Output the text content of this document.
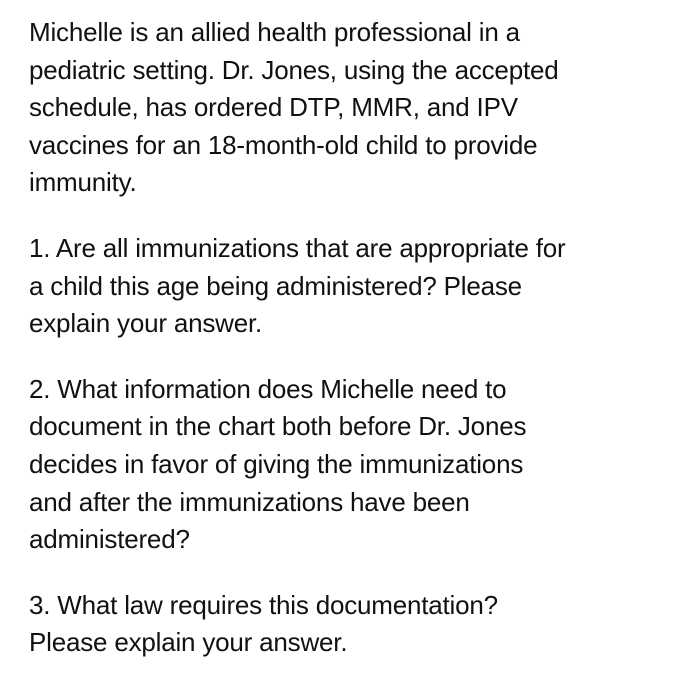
Michelle is an allied health professional in a
pediatric setting. Dr. Jones, using the accepted
schedule, has ordered DTP, MMR, and IPV
vaccines for an 18-month-old child to provide
immunity.

1. Are all immunizations that are appropriate for
a child this age being administered? Please
explain your answer.

2. What information does Michelle need to
document in the chart both before Dr. Jones
decides in favor of giving the immunizations
and after the immunizations have been
administered?

3. What law requires this documentation?
Please explain your answer.
